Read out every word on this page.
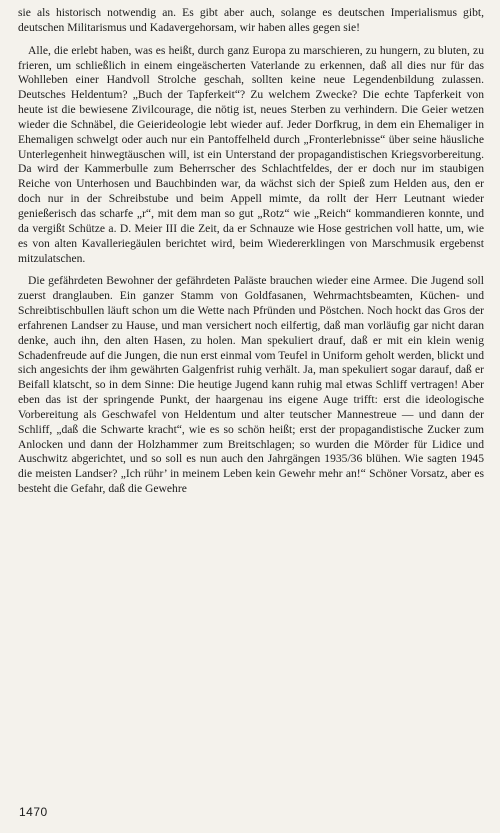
sie als historisch notwendig an. Es gibt aber auch, solange es deutschen Imperialismus gibt, deutschen Militarismus und Kadavergehorsam, wir haben alles gegen sie!

Alle, die erlebt haben, was es heißt, durch ganz Europa zu marschieren, zu hungern, zu bluten, zu frieren, um schließlich in einem eingeäscherten Vaterlande zu erkennen, daß all dies nur für das Wohlleben einer Handvoll Strolche geschah, sollten keine neue Legendenbildung zulassen. Deutsches Heldentum? „Buch der Tapferkeit“? Zu welchem Zwecke? Die echte Tapferkeit von heute ist die bewiesene Zivilcourage, die nötig ist, neues Sterben zu verhindern. Die Geier wetzen wieder die Schnäbel, die Geierideologie lebt wieder auf. Jeder Dorfkrug, in dem ein Ehemaliger in Ehemaligen schwelgt oder auch nur ein Pantoffelheld durch „Fronterlebnisse“ über seine häusliche Unterlegenheit hinwegtäuschen will, ist ein Unterstand der propagandistischen Kriegsvorbereitung. Da wird der Kammerbulle zum Beherrscher des Schlachtfeldes, der er doch nur im staubigen Reiche von Unterhosen und Bauchbinden war, da wächst sich der Spieß zum Helden aus, den er doch nur in der Schreibstube und beim Appell mimte, da rollt der Herr Leutnant wieder genießerisch das scharfe „r“, mit dem man so gut „Rotz“ wie „Reich“ kommandieren konnte, und da vergißt Schütze a. D. Meier III die Zeit, da er Schnauze wie Hose gestrichen voll hatte, um, wie es von alten Kavalleriegäulen berichtet wird, beim Wiedererklingen von Marschmusik ergebenst mitzulatschen.

Die gefährdeten Bewohner der gefährdeten Paläste brauchen wieder eine Armee. Die Jugend soll zuerst dranglauben. Ein ganzer Stamm von Goldfasanen, Wehrmachtsbeamten, Küchen- und Schreibtischbullen läuft schon um die Wette nach Pfründen und Pöstchen. Noch hockt das Gros der erfahrenen Landser zu Hause, und man versichert noch eilfertig, daß man vorläufig gar nicht daran denke, auch ihn, den alten Hasen, zu holen. Man spekuliert drauf, daß er mit ein klein wenig Schadenfreude auf die Jungen, die nun erst einmal vom Teufel in Uniform geholt werden, blickt und sich angesichts der ihm gewährten Galgenfrist ruhig verhält. Ja, man spekuliert sogar darauf, daß er Beifall klatscht, so in dem Sinne: Die heutige Jugend kann ruhig mal etwas Schliff vertragen! Aber eben das ist der springende Punkt, der haargenau ins eigene Auge trifft: erst die ideologische Vorbereitung als Geschwafel von Heldentum und alter teutscher Mannestreue — und dann der Schliff, „daß die Schwarte kracht“, wie es so schön heißt; erst der propagandistische Zucker zum Anlocken und dann der Holzhammer zum Breitschlagen; so wurden die Mörder für Lidice und Auschwitz abgerichtet, und so soll es nun auch den Jahrgängen 1935/36 blühen. Wie sagten 1945 die meisten Landser? „Ich rühr’ in meinem Leben kein Gewehr mehr an!“ Schöner Vorsatz, aber es besteht die Gefahr, daß die Gewehre

1470
